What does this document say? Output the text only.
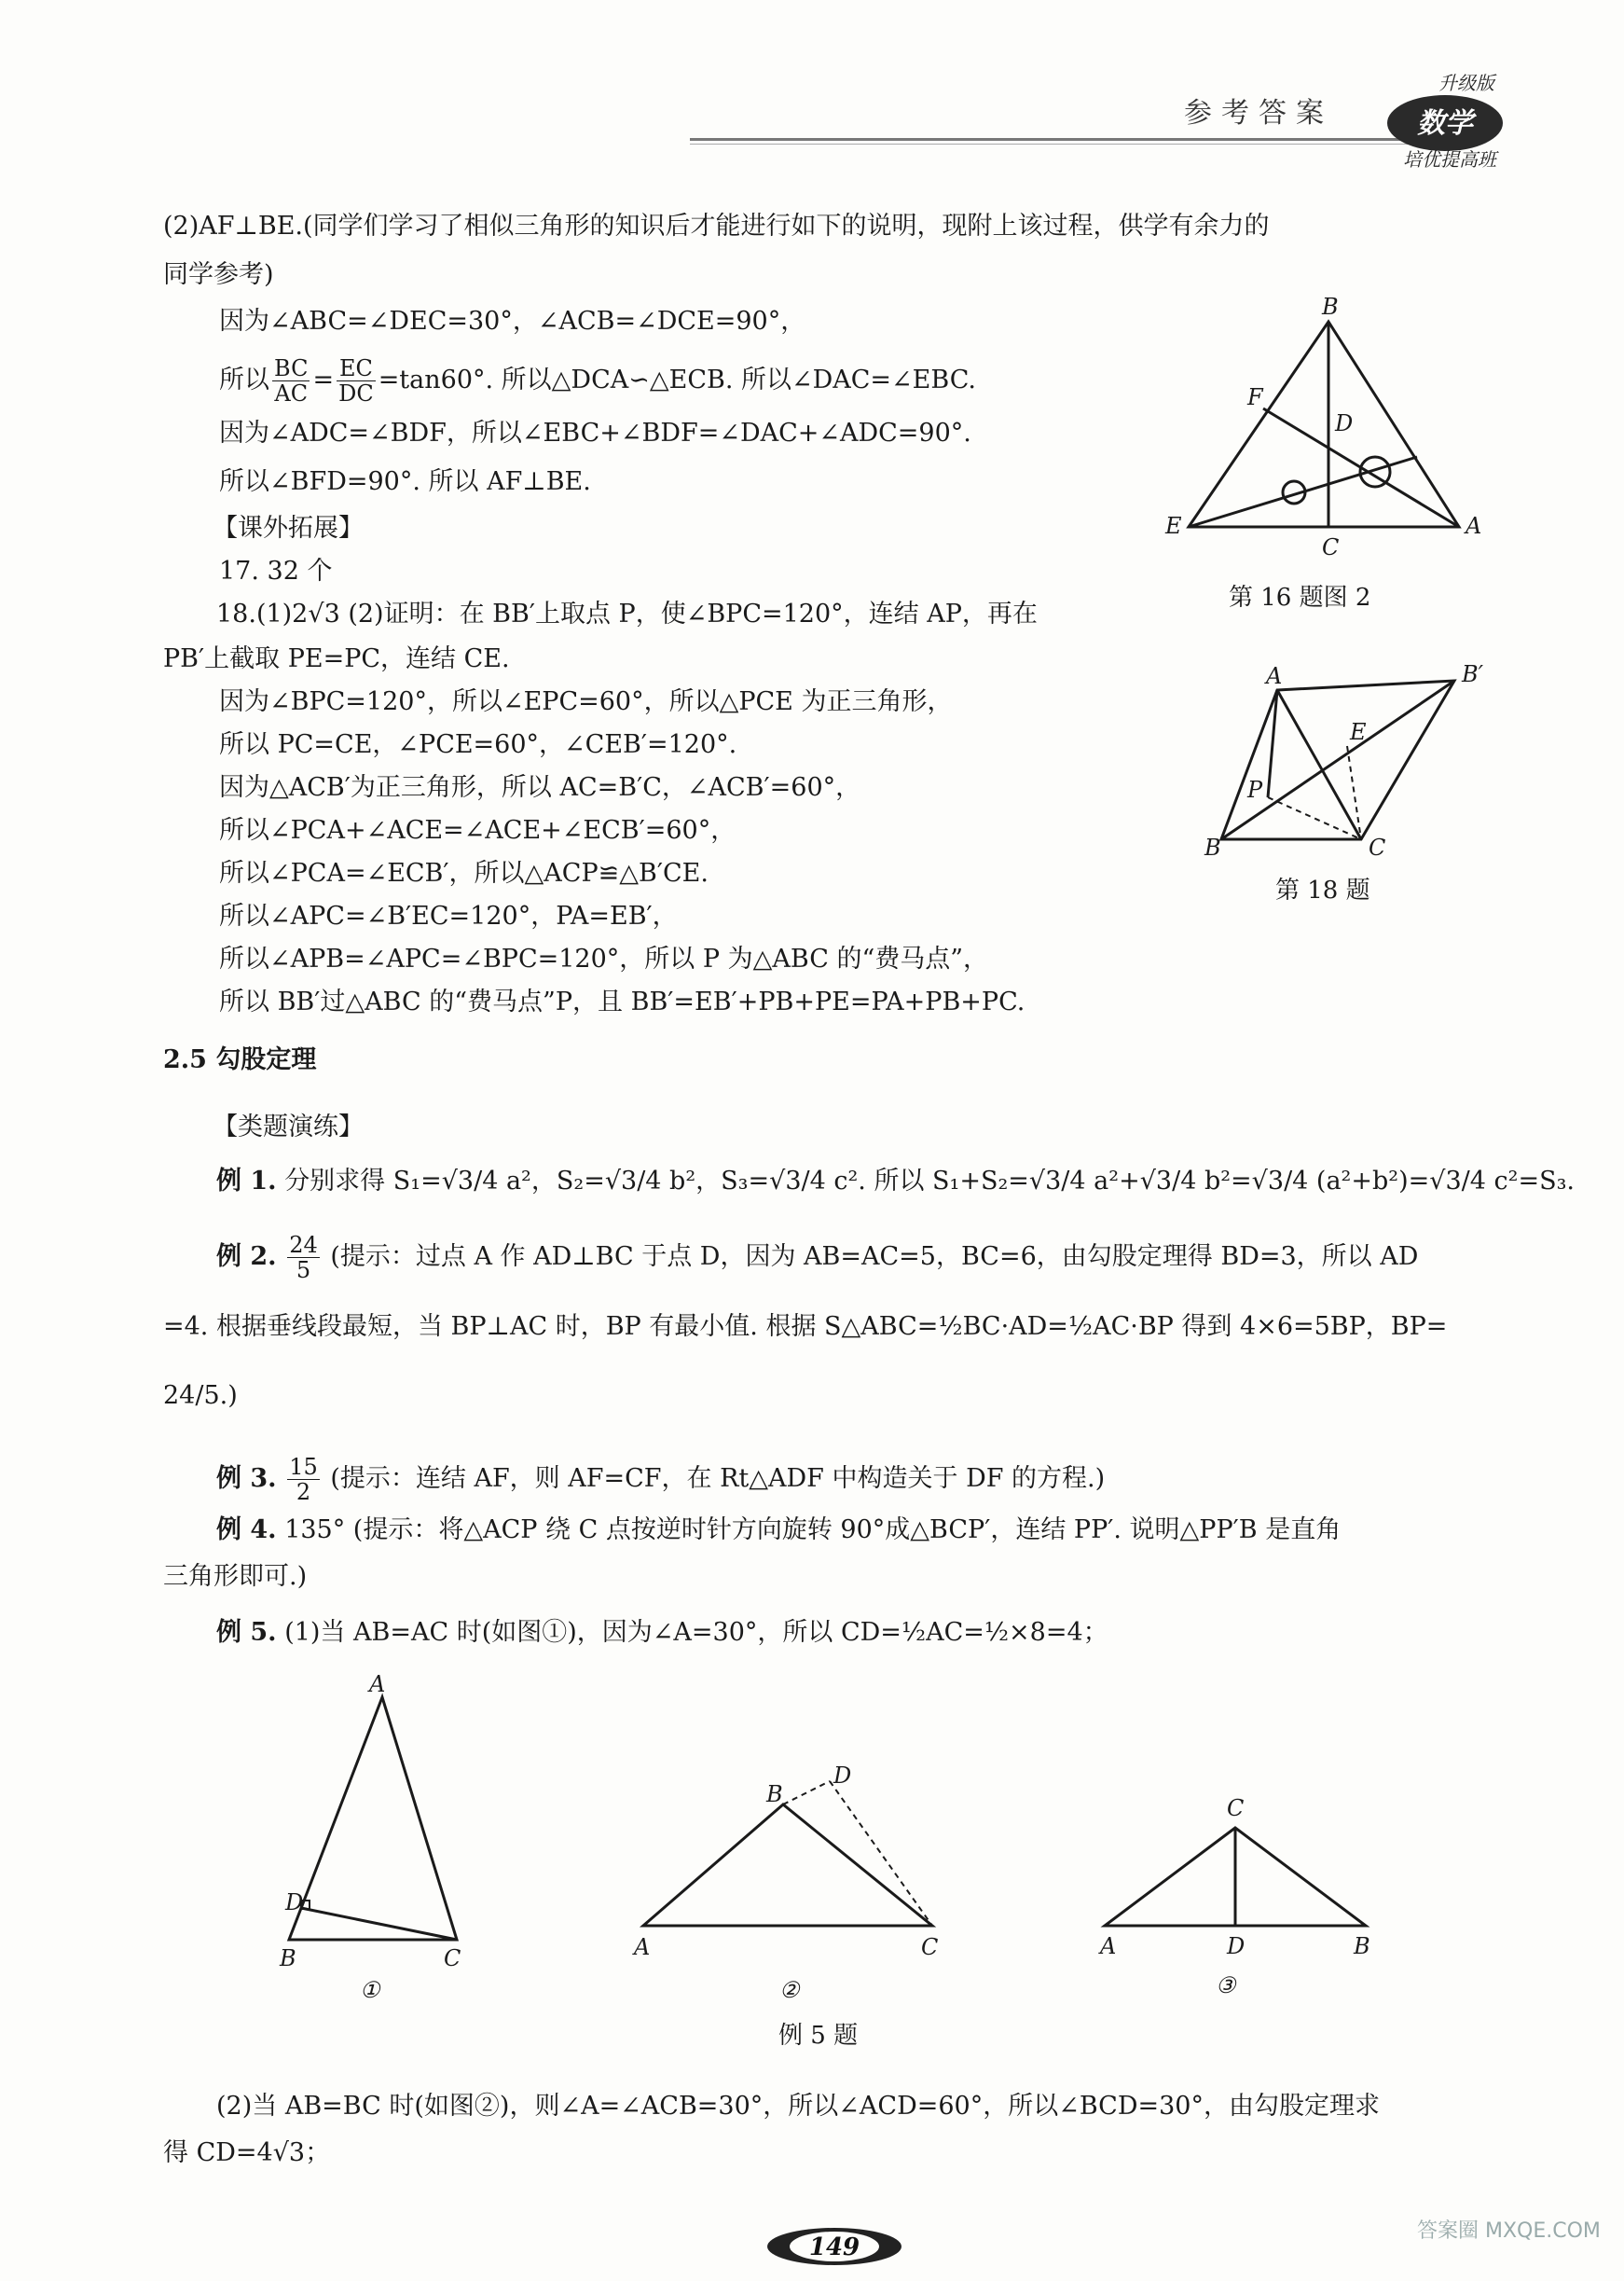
参考答案	数学
升级版
培优提高班
(2)AF⊥BE.(同学们学习了相似三角形的知识后才能进行如下的说明，现附上该过程，供学有余力的
同学参考)
因为∠ABC=∠DEC=30°，∠ACB=∠DCE=90°，
所以 $\frac{BC}{AC} = \frac{EC}{DC} =\tan 60^\circ$. 所以△DCA∽△ECB. 所以∠DAC=∠EBC.
因为∠ADC=∠BDF，所以∠EBC+∠BDF=∠DAC+∠ADC=90°.
所以∠BFD=90°. 所以 AF⊥BE.
【课外拓展】
17. 32 个
18.(1)2√3 (2)证明：在 BB′上取点 P，使∠BPC=120°，连结 AP，再在
PB′上截取 PE=PC，连结 CE.
因为∠BPC=120°，所以∠EPC=60°，所以△PCE 为正三角形，
所以 PC=CE，∠PCE=60°，∠CEB′=120°.
因为△ACB′为正三角形，所以 AC=B′C，∠ACB′=60°，
所以∠PCA+∠ACE=∠ACE+∠ECB′=60°，
所以∠PCA=∠ECB′，所以△ACP≌△B′CE.
所以∠APC=∠B′EC=120°，PA=EB′，
所以∠APB=∠APC=∠BPC=120°，所以 P 为△ABC 的“费马点”，
所以 BB′过△ABC 的“费马点”P，且 BB′=EB′+PB+PE=PA+PB+PC.
2.5 勾股定理
【类题演练】
例 1. 分别求得 S₁=√3/4 a²，S₂=√3/4 b²，S₃=√3/4 c². 所以 S₁+S₂=√3/4 a²+√3/4 b²=√3/4 (a²+b²)=√3/4 c²=S₃.
例 2. $\frac{24}{5}$ (提示：过点 A 作 AD⊥BC 于点 D，因为 AB=AC=5，BC=6，由勾股定理得 BD=3，所以 AD
=4. 根据垂线段最短，当 BP⊥AC 时，BP 有最小值. 根据 S△ABC=½BC·AD=½AC·BP 得到 4×6=5BP，BP=
24/5.)
例 3. $\frac{15}{2}$ (提示：连结 AF，则 AF=CF，在 Rt△ADF 中构造关于 DF 的方程.)
例 4. 135° (提示：将△ACP 绕 C 点按逆时针方向旋转 90°成△BCP′，连结 PP′. 说明△PP′B 是直角
三角形即可.)
例 5. (1)当 AB=AC 时(如图①)，因为∠A=30°，所以 CD=½AC=½×8=4；
(2)当 AB=BC 时(如图②)，则∠A=∠ACB=30°，所以∠ACD=60°，所以∠BCD=30°，由勾股定理求
得 CD=4√3；
B
F
D
E
C
A
第 16 题图 2
A	B′
E
P
B	C
第 18 题
A
D
B	C
①
B
D
A	C
②
C
A	D	B
③
例 5 题
149
答案圈 MXQE.COM
